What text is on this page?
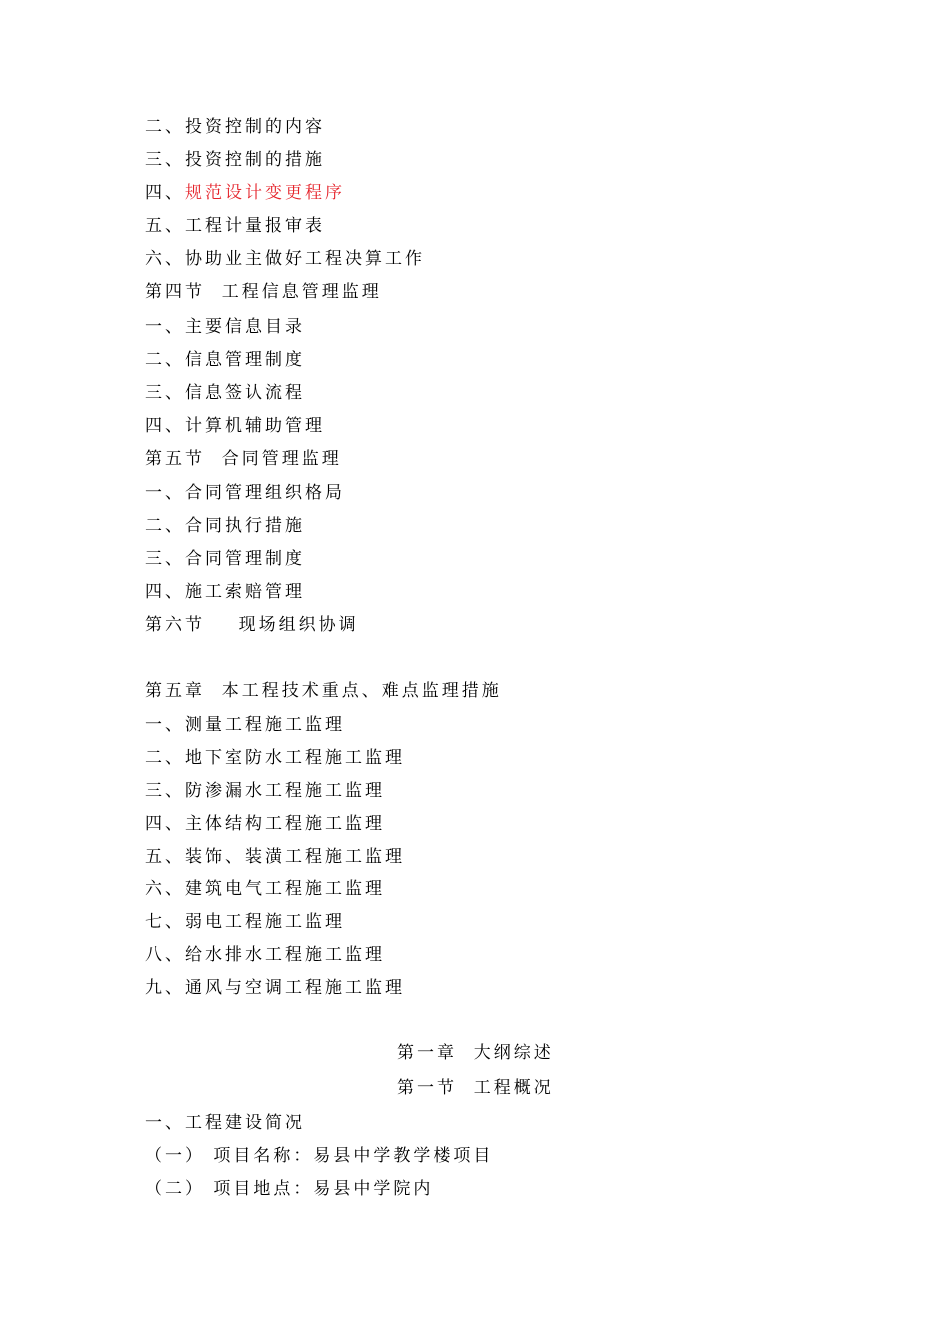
二、投资控制的内容
三、投资控制的措施
四、规范设计变更程序
五、工程计量报审表
六、协助业主做好工程决算工作
第四节  工程信息管理监理
一、主要信息目录
二、信息管理制度
三、信息签认流程
四、计算机辅助管理
第五节  合同管理监理
一、合同管理组织格局
二、合同执行措施
三、合同管理制度
四、施工索赔管理
第六节    现场组织协调
第五章  本工程技术重点、难点监理措施
一、测量工程施工监理
二、地下室防水工程施工监理
三、防渗漏水工程施工监理
四、主体结构工程施工监理
五、装饰、装潢工程施工监理
六、建筑电气工程施工监理
七、弱电工程施工监理
八、给水排水工程施工监理
九、通风与空调工程施工监理
第一章  大纲综述
第一节  工程概况
一、工程建设简况
（一） 项目名称：易县中学教学楼项目
（二） 项目地点：易县中学院内
